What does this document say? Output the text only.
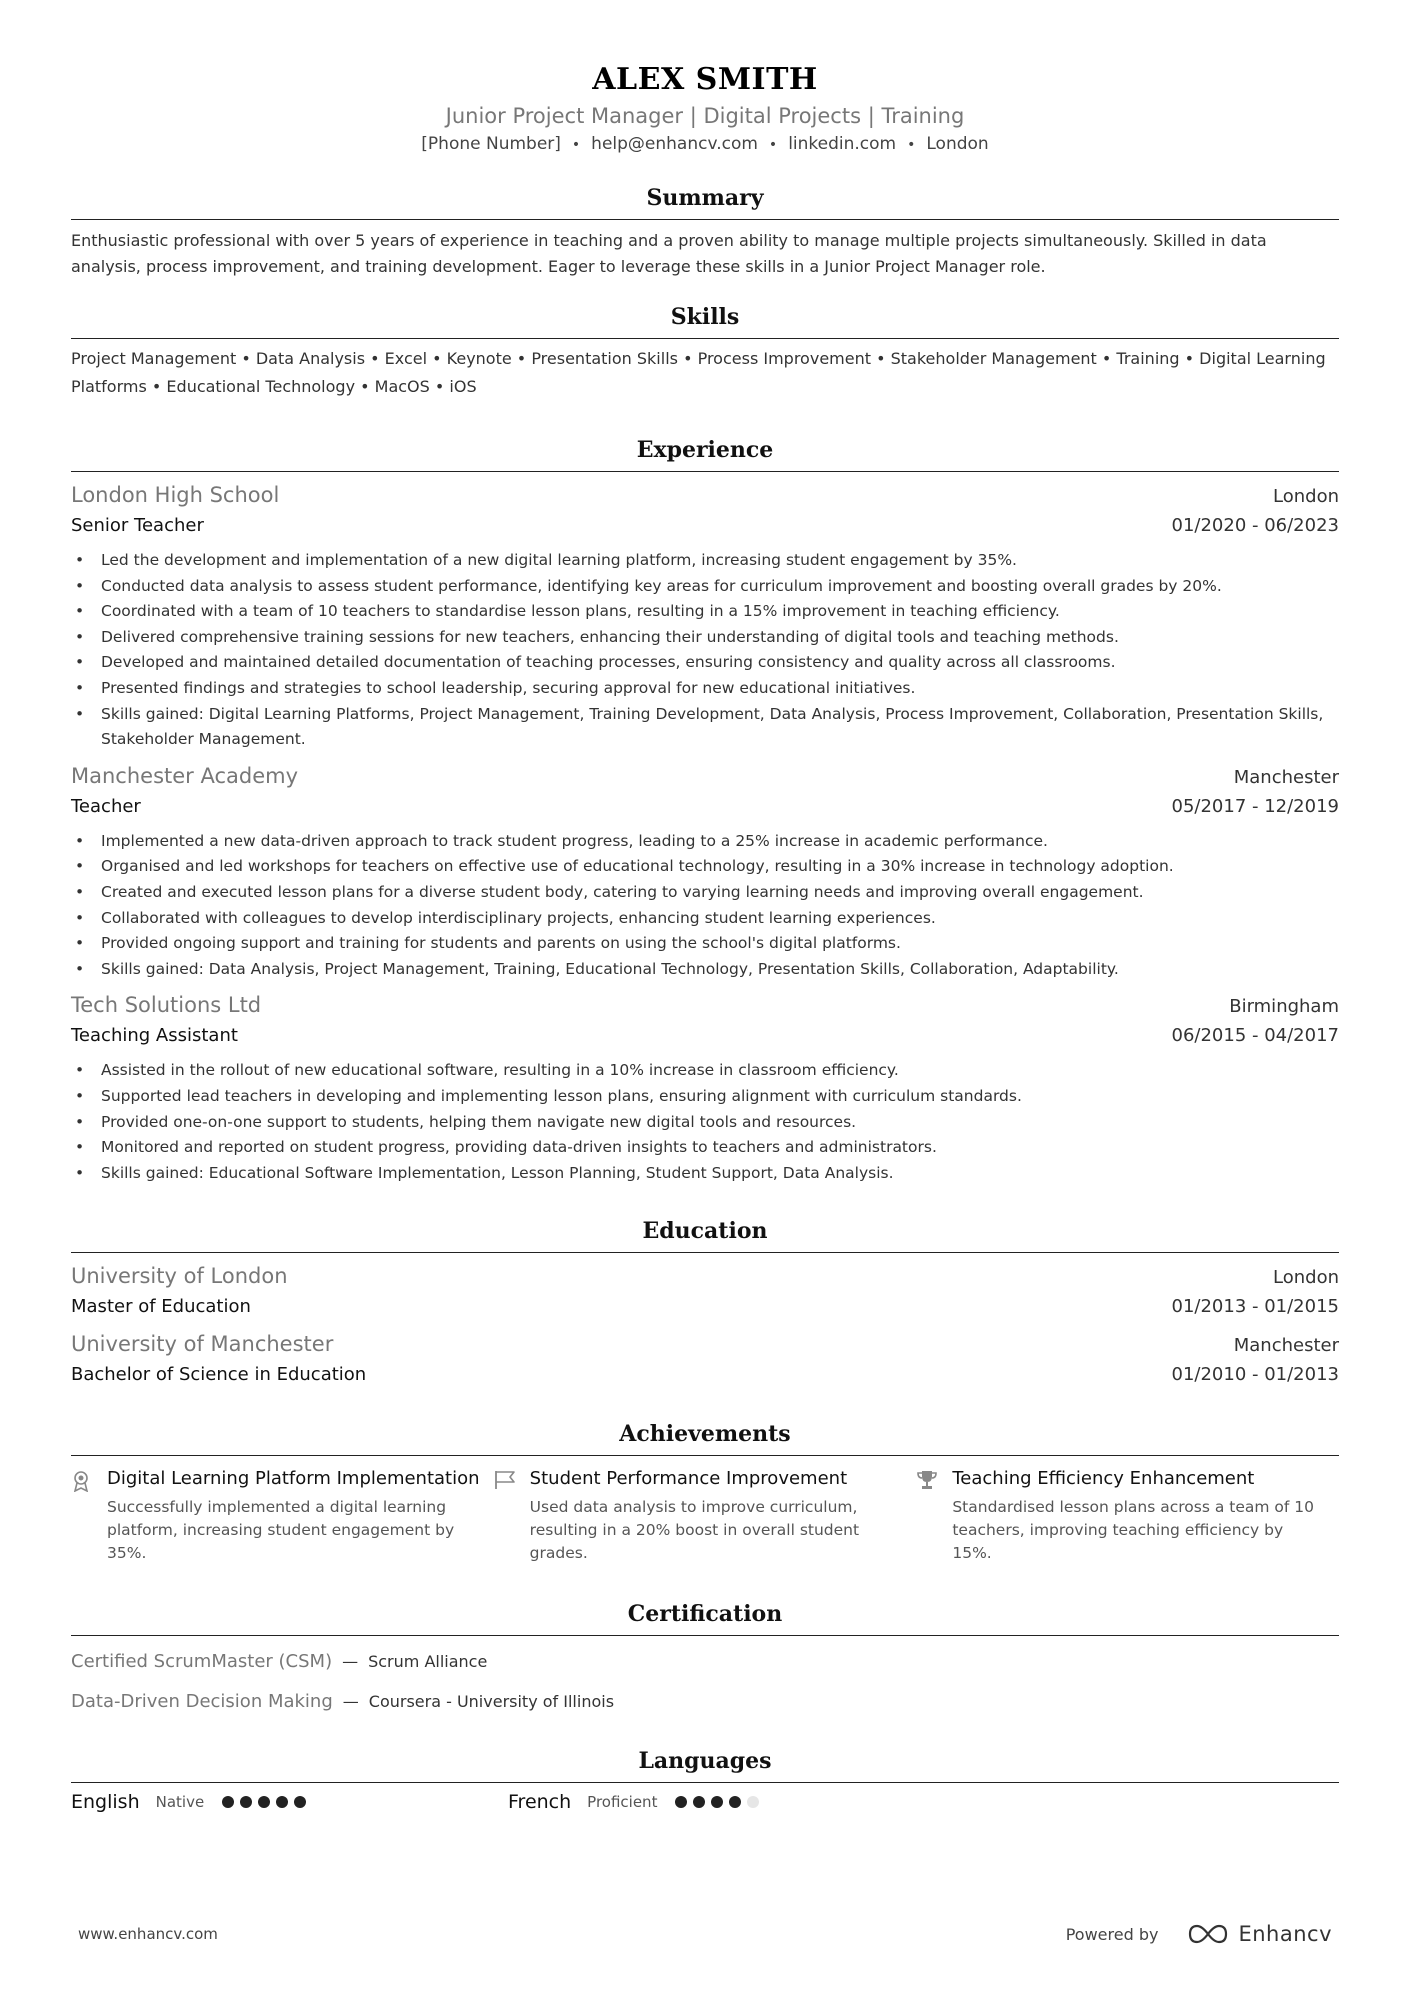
ALEX SMITH
Junior Project Manager | Digital Projects | Training
[Phone Number] • help@enhancv.com • linkedin.com • London
Summary
Enthusiastic professional with over 5 years of experience in teaching and a proven ability to manage multiple projects simultaneously. Skilled in data analysis, process improvement, and training development. Eager to leverage these skills in a Junior Project Manager role.
Skills
Project Management • Data Analysis • Excel • Keynote • Presentation Skills • Process Improvement • Stakeholder Management • Training • Digital Learning Platforms • Educational Technology • MacOS • iOS
Experience
London High School	London
Senior Teacher	01/2020 - 06/2023
• Led the development and implementation of a new digital learning platform, increasing student engagement by 35%.
• Conducted data analysis to assess student performance, identifying key areas for curriculum improvement and boosting overall grades by 20%.
• Coordinated with a team of 10 teachers to standardise lesson plans, resulting in a 15% improvement in teaching efficiency.
• Delivered comprehensive training sessions for new teachers, enhancing their understanding of digital tools and teaching methods.
• Developed and maintained detailed documentation of teaching processes, ensuring consistency and quality across all classrooms.
• Presented findings and strategies to school leadership, securing approval for new educational initiatives.
• Skills gained: Digital Learning Platforms, Project Management, Training Development, Data Analysis, Process Improvement, Collaboration, Presentation Skills, Stakeholder Management.
Manchester Academy	Manchester
Teacher	05/2017 - 12/2019
• Implemented a new data-driven approach to track student progress, leading to a 25% increase in academic performance.
• Organised and led workshops for teachers on effective use of educational technology, resulting in a 30% increase in technology adoption.
• Created and executed lesson plans for a diverse student body, catering to varying learning needs and improving overall engagement.
• Collaborated with colleagues to develop interdisciplinary projects, enhancing student learning experiences.
• Provided ongoing support and training for students and parents on using the school's digital platforms.
• Skills gained: Data Analysis, Project Management, Training, Educational Technology, Presentation Skills, Collaboration, Adaptability.
Tech Solutions Ltd	Birmingham
Teaching Assistant	06/2015 - 04/2017
• Assisted in the rollout of new educational software, resulting in a 10% increase in classroom efficiency.
• Supported lead teachers in developing and implementing lesson plans, ensuring alignment with curriculum standards.
• Provided one-on-one support to students, helping them navigate new digital tools and resources.
• Monitored and reported on student progress, providing data-driven insights to teachers and administrators.
• Skills gained: Educational Software Implementation, Lesson Planning, Student Support, Data Analysis.
Education
University of London	London
Master of Education	01/2013 - 01/2015
University of Manchester	Manchester
Bachelor of Science in Education	01/2010 - 01/2013
Achievements
Digital Learning Platform Implementation
Successfully implemented a digital learning platform, increasing student engagement by 35%.
Student Performance Improvement
Used data analysis to improve curriculum, resulting in a 20% boost in overall student grades.
Teaching Efficiency Enhancement
Standardised lesson plans across a team of 10 teachers, improving teaching efficiency by 15%.
Certification
Certified ScrumMaster (CSM) — Scrum Alliance
Data-Driven Decision Making — Coursera - University of Illinois
Languages
English Native	French Proficient
www.enhancv.com	Powered by	Enhancv
